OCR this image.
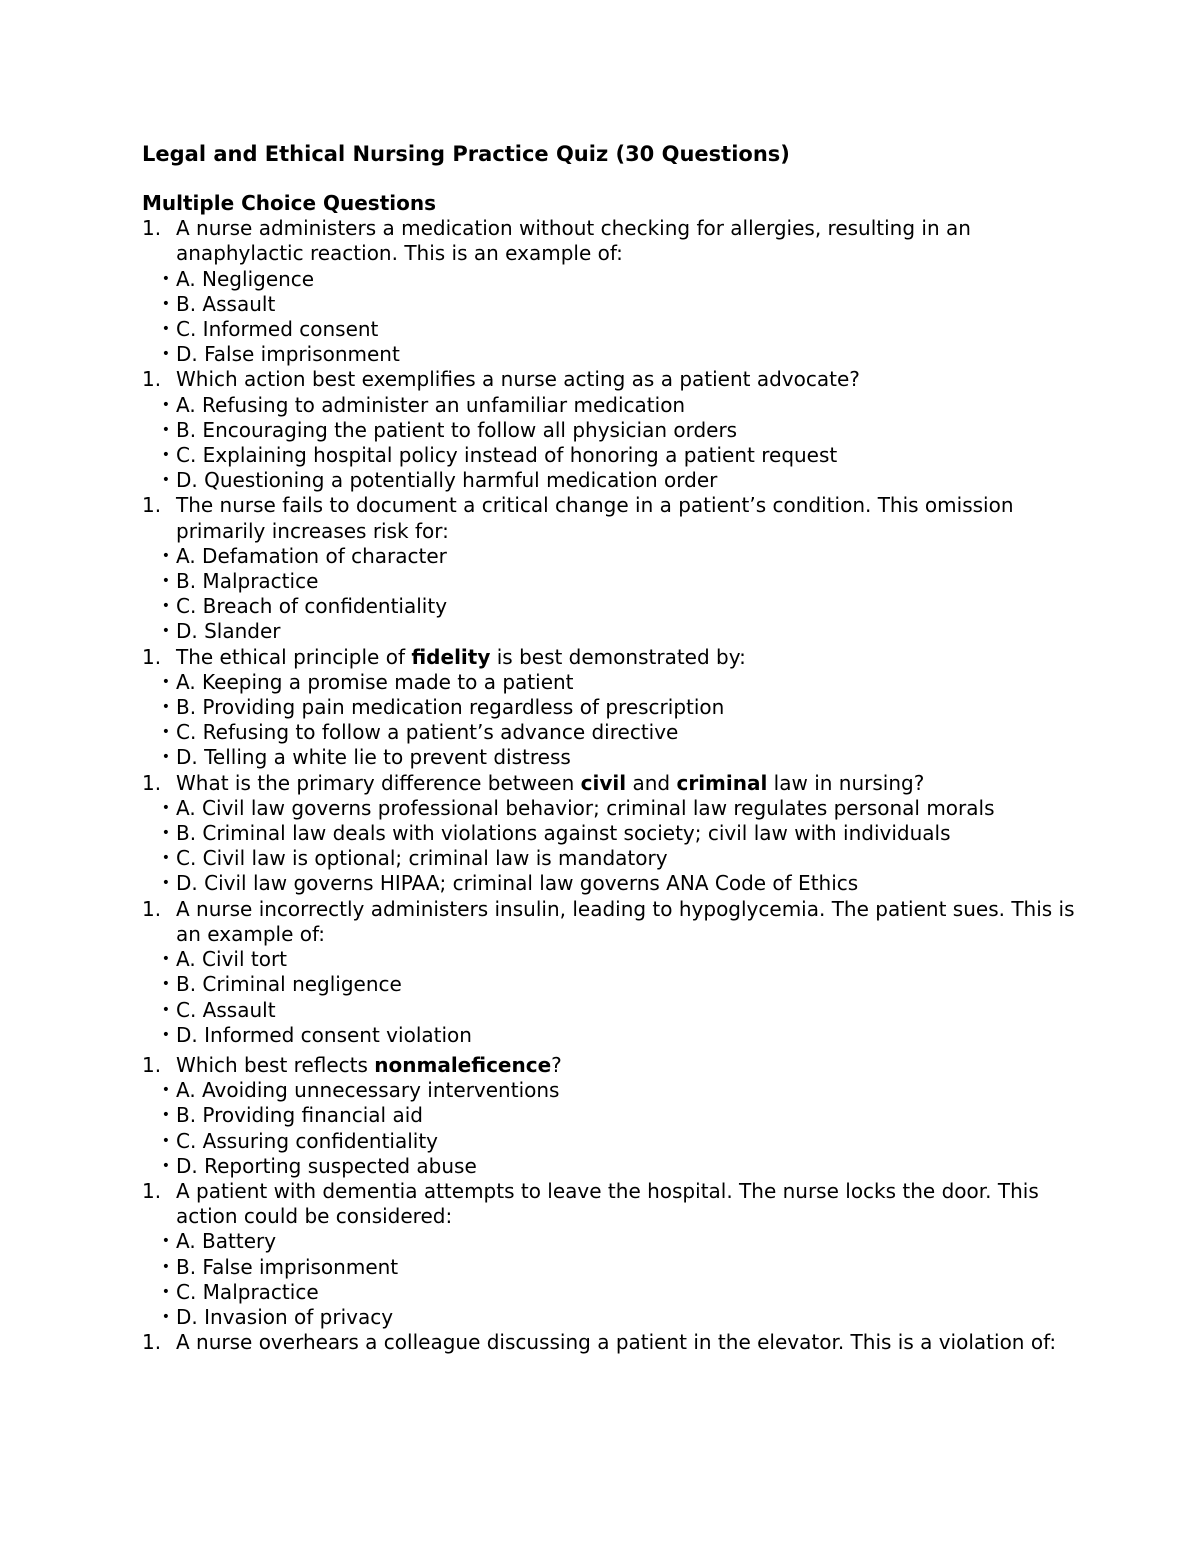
Legal and Ethical Nursing Practice Quiz (30 Questions)
Multiple Choice Questions
1. A nurse administers a medication without checking for allergies, resulting in an anaphylactic reaction. This is an example of:
• A. Negligence
• B. Assault
• C. Informed consent
• D. False imprisonment
1. Which action best exemplifies a nurse acting as a patient advocate?
• A. Refusing to administer an unfamiliar medication
• B. Encouraging the patient to follow all physician orders
• C. Explaining hospital policy instead of honoring a patient request
• D. Questioning a potentially harmful medication order
1. The nurse fails to document a critical change in a patient’s condition. This omission primarily increases risk for:
• A. Defamation of character
• B. Malpractice
• C. Breach of confidentiality
• D. Slander
1. The ethical principle of fidelity is best demonstrated by:
• A. Keeping a promise made to a patient
• B. Providing pain medication regardless of prescription
• C. Refusing to follow a patient’s advance directive
• D. Telling a white lie to prevent distress
1. What is the primary difference between civil and criminal law in nursing?
• A. Civil law governs professional behavior; criminal law regulates personal morals
• B. Criminal law deals with violations against society; civil law with individuals
• C. Civil law is optional; criminal law is mandatory
• D. Civil law governs HIPAA; criminal law governs ANA Code of Ethics
1. A nurse incorrectly administers insulin, leading to hypoglycemia. The patient sues. This is an example of:
• A. Civil tort
• B. Criminal negligence
• C. Assault
• D. Informed consent violation
1. Which best reflects nonmaleficence?
• A. Avoiding unnecessary interventions
• B. Providing financial aid
• C. Assuring confidentiality
• D. Reporting suspected abuse
1. A patient with dementia attempts to leave the hospital. The nurse locks the door. This action could be considered:
• A. Battery
• B. False imprisonment
• C. Malpractice
• D. Invasion of privacy
1. A nurse overhears a colleague discussing a patient in the elevator. This is a violation of:
